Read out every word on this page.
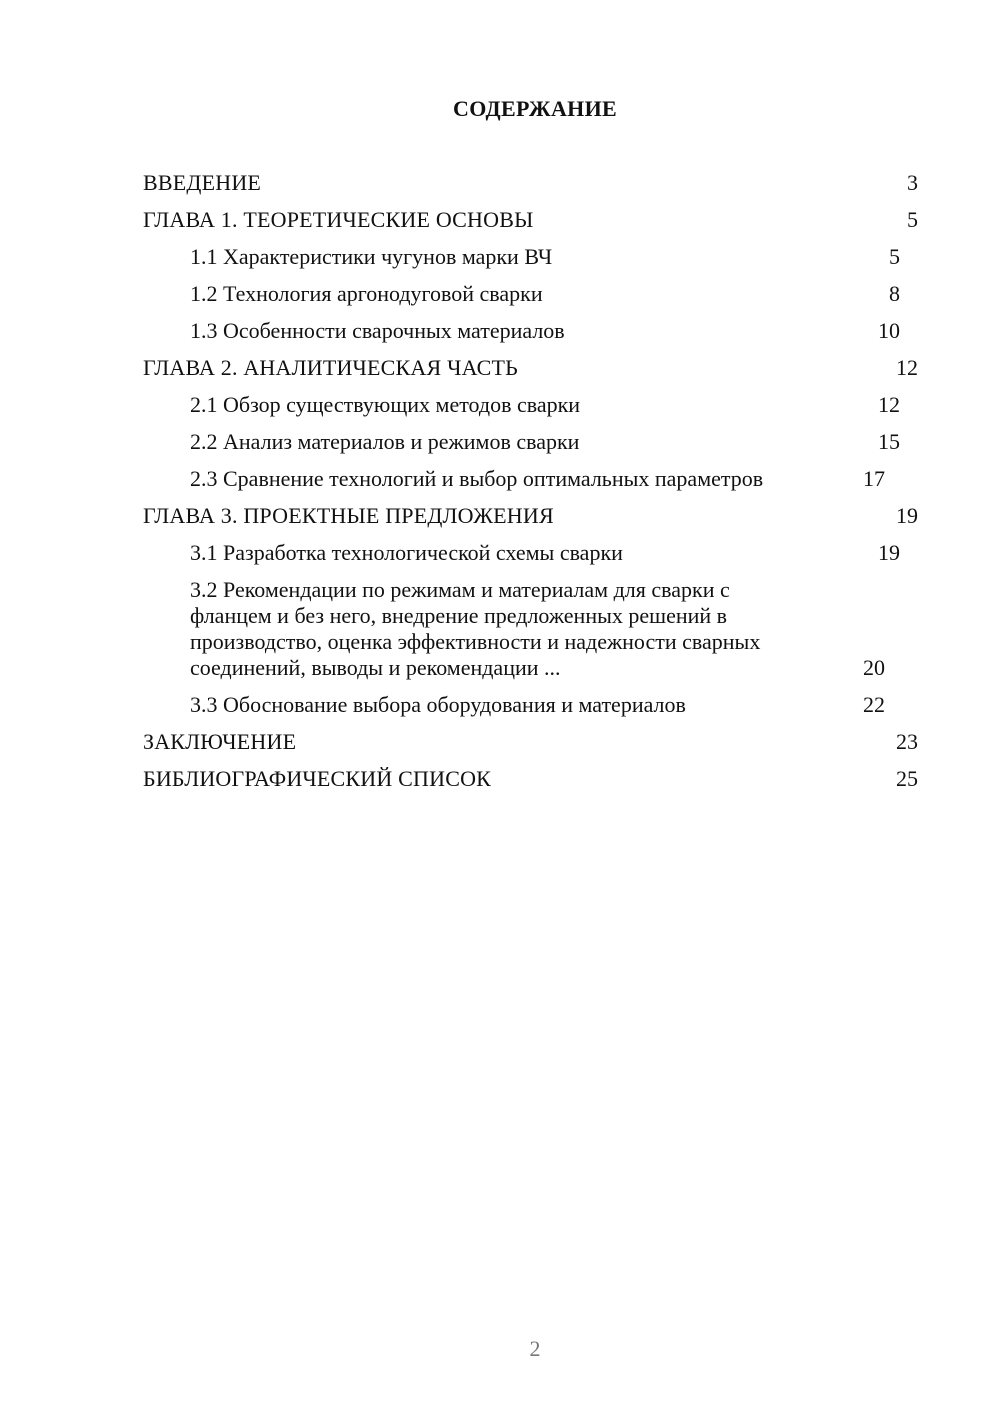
СОДЕРЖАНИЕ
ВВЕДЕНИЕ	3
ГЛАВА 1. ТЕОРЕТИЧЕСКИЕ ОСНОВЫ	5
1.1 Характеристики чугунов марки ВЧ	5
1.2 Технология аргонодуговой сварки	8
1.3 Особенности сварочных материалов	10
ГЛАВА 2. АНАЛИТИЧЕСКАЯ ЧАСТЬ	12
2.1 Обзор существующих методов сварки	12
2.2 Анализ материалов и режимов сварки	15
2.3 Сравнение технологий и выбор оптимальных параметров	17
ГЛАВА 3. ПРОЕКТНЫЕ ПРЕДЛОЖЕНИЯ	19
3.1 Разработка технологической схемы сварки	19
3.2 Рекомендации по режимам и материалам для сварки с фланцем и без него, внедрение предложенных решений в производство, оценка эффективности и надежности сварных соединений, выводы и рекомендации ...	20
3.3 Обоснование выбора оборудования и материалов	22
ЗАКЛЮЧЕНИЕ	23
БИБЛИОГРАФИЧЕСКИЙ СПИСОК	25
2
